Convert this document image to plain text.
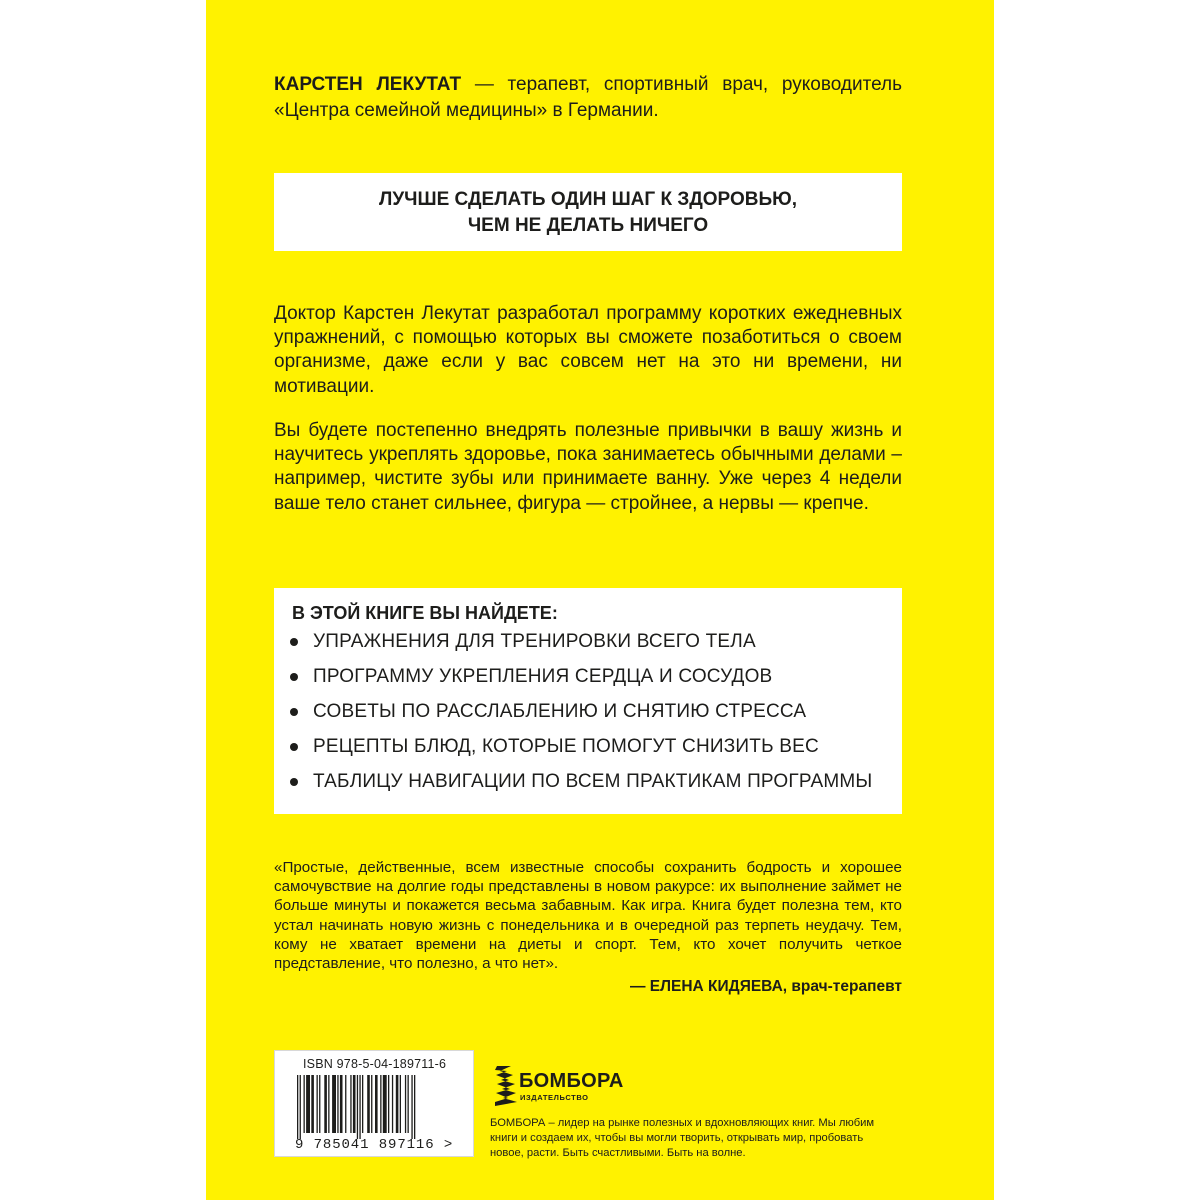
КАРСТЕН ЛЕКУТАТ — терапевт, спортивный врач, руководитель «Центра семейной медицины» в Германии.
ЛУЧШЕ СДЕЛАТЬ ОДИН ШАГ К ЗДОРОВЬЮ,
ЧЕМ НЕ ДЕЛАТЬ НИЧЕГО
Доктор Карстен Лекутат разработал программу коротких ежедневных упражнений, с помощью которых вы сможете позаботиться о своем организме, даже если у вас совсем нет на это ни времени, ни мотивации.
Вы будете постепенно внедрять полезные привычки в вашу жизнь и научитесь укреплять здоровье, пока занимаетесь обычными делами – например, чистите зубы или принимаете ванну. Уже через 4 недели ваше тело станет сильнее, фигура — стройнее, а нервы — крепче.
В ЭТОЙ КНИГЕ ВЫ НАЙДЕТЕ:
УПРАЖНЕНИЯ ДЛЯ ТРЕНИРОВКИ ВСЕГО ТЕЛА
ПРОГРАММУ УКРЕПЛЕНИЯ СЕРДЦА И СОСУДОВ
СОВЕТЫ ПО РАССЛАБЛЕНИЮ И СНЯТИЮ СТРЕССА
РЕЦЕПТЫ БЛЮД, КОТОРЫЕ ПОМОГУТ СНИЗИТЬ ВЕС
ТАБЛИЦУ НАВИГАЦИИ ПО ВСЕМ ПРАКТИКАМ ПРОГРАММЫ
«Простые, действенные, всем известные способы сохранить бодрость и хорошее самочувствие на долгие годы представлены в новом ракурсе: их выполнение займет не больше минуты и покажется весьма забавным. Как игра. Книга будет полезна тем, кто устал начинать новую жизнь с понедельника и в очередной раз терпеть неудачу. Тем, кому не хватает времени на диеты и спорт. Тем, кто хочет получить четкое представление, что полезно, а что нет».
— ЕЛЕНА КИДЯЕВА, врач-терапевт
ISBN 978-5-04-189711-6
9 785041 897116 >
БОМБОРА
ИЗДАТЕЛЬСТВО
БОМБОРА – лидер на рынке полезных и вдохновляющих книг. Мы любим книги и создаем их, чтобы вы могли творить, открывать мир, пробовать новое, расти. Быть счастливыми. Быть на волне.
